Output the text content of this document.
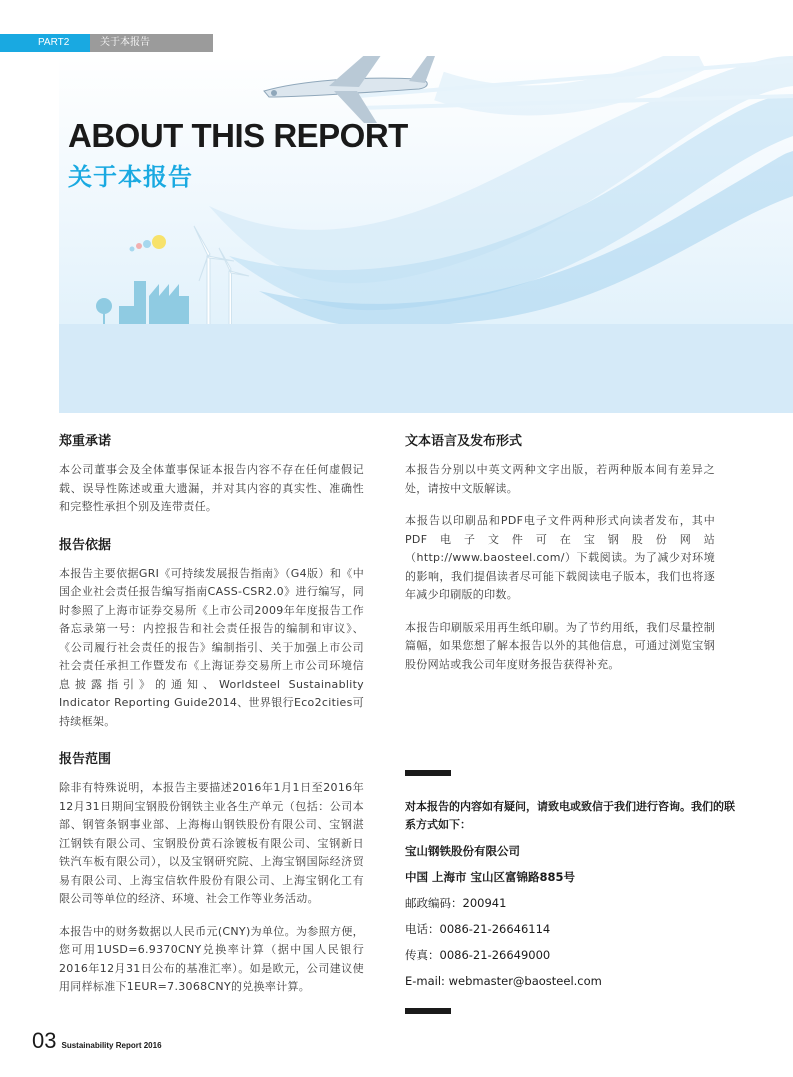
PART2	关于本报告
ABOUT THIS REPORT
关于本报告
郑重承诺
本公司董事会及全体董事保证本报告内容不存在任何虚假记载、误导性陈述或重大遗漏，并对其内容的真实性、准确性和完整性承担个别及连带责任。
报告依据
本报告主要依据GRI《可持续发展报告指南》（G4版）和《中国企业社会责任报告编写指南CASS-CSR2.0》进行编写，同时参照了上海市证券交易所《上市公司2009年年度报告工作备忘录第一号：内控报告和社会责任报告的编制和审议》、《公司履行社会责任的报告》编制指引、关于加强上市公司社会责任承担工作暨发布《上海证券交易所上市公司环境信息披露指引》的通知、Worldsteel Sustainablity Indicator Reporting Guide2014、世界银行Eco2cities可持续框架。
报告范围
除非有特殊说明，本报告主要描述2016年1月1日至2016年12月31日期间宝钢股份钢铁主业各生产单元（包括：公司本部、钢管条钢事业部、上海梅山钢铁股份有限公司、宝钢湛江钢铁有限公司、宝钢股份黄石涂镀板有限公司、宝钢新日铁汽车板有限公司），以及宝钢研究院、上海宝钢国际经济贸易有限公司、上海宝信软件股份有限公司、上海宝钢化工有限公司等单位的经济、环境、社会工作等业务活动。
本报告中的财务数据以人民币元(CNY)为单位。为参照方便，您可用1USD=6.9370CNY兑换率计算（据中国人民银行2016年12月31日公布的基准汇率）。如是欧元，公司建议使用同样标准下1EUR=7.3068CNY的兑换率计算。
文本语言及发布形式
本报告分别以中英文两种文字出版，若两种版本间有差异之处，请按中文版解读。
本报告以印刷品和PDF电子文件两种形式向读者发布，其中PDF电子文件可在宝钢股份网站（http://www.baosteel.com/）下载阅读。为了减少对环境的影响，我们提倡读者尽可能下载阅读电子版本，我们也将逐年减少印刷版的印数。
本报告印刷版采用再生纸印刷。为了节约用纸，我们尽量控制篇幅，如果您想了解本报告以外的其他信息，可通过浏览宝钢股份网站或我公司年度财务报告获得补充。
对本报告的内容如有疑问，请致电或致信于我们进行咨询。我们的联系方式如下：
宝山钢铁股份有限公司
中国 上海市 宝山区富锦路885号
邮政编码：200941
电话：0086-21-26646114
传真：0086-21-26649000
E-mail: webmaster@baosteel.com
03 Sustainability Report 2016
